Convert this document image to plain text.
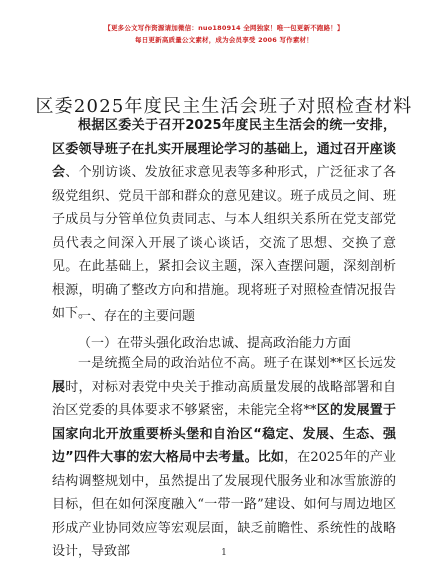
【更多公文写作资源请加微信：nuo180914 全网独家！唯一包更新不跑路！】
每日更新高质量公文素材，成为会员享受 2006 写作素材！
区委2025年度民主生活会班子对照检查材料

根据区委关于召开2025年度民主生活会的统一安排，区委领导班子在扎实开展理论学习的基础上，通过召开座谈会、个别访谈、发放征求意见表等多种形式，广泛征求了各级党组织、党员干部和群众的意见建议。班子成员之间、班子成员与分管单位负责同志、与本人组织关系所在党支部党员代表之间深入开展了谈心谈话，交流了思想、交换了意见。在此基础上，紧扣会议主题，深入查摆问题，深刻剖析根源，明确了整改方向和措施。现将班子对照检查情况报告如下。

一、存在的主要问题
（一）在带头强化政治忠诚、提高政治能力方面

一是统揽全局的政治站位不高。班子在谋划**区长远发展时，对标对表党中央关于推动高质量发展的战略部署和自治区党委的具体要求不够紧密，未能完全将**区的发展置于国家向北开放重要桥头堡和自治区“稳定、发展、生态、强边”四件大事的宏大格局中去考量。比如，在2025年的产业结构调整规划中，虽然提出了发展现代服务业和冰雪旅游的目标，但在如何深度融入“一带一路”建设、如何与周边地区形成产业协同效应等宏观层面，缺乏前瞻性、系统性的战略设计，导致部	1
